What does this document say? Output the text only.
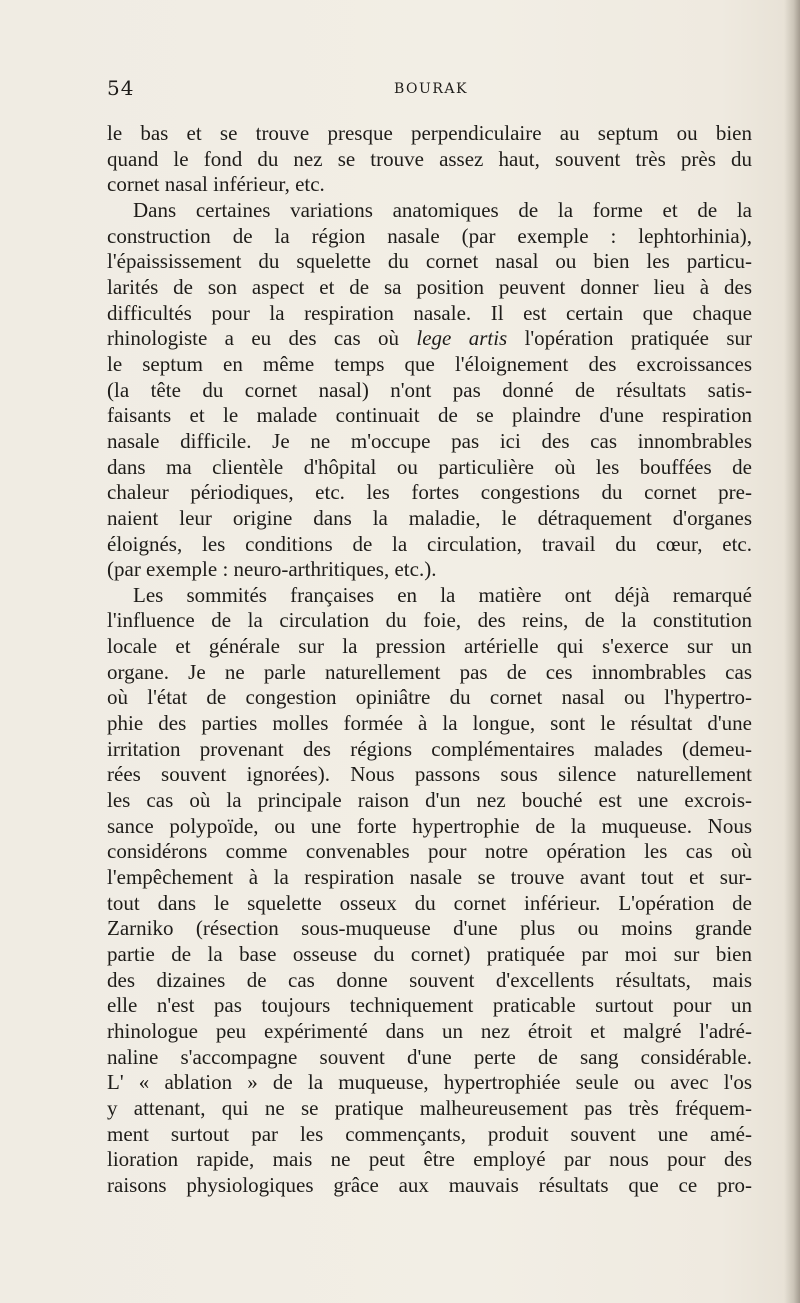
54	BOURAK

le bas et se trouve presque perpendiculaire au septum ou bien
quand le fond du nez se trouve assez haut, souvent très près du
cornet nasal inférieur, etc.

Dans certaines variations anatomiques de la forme et de la
construction de la région nasale (par exemple : lephtorhinia),
l'épaississement du squelette du cornet nasal ou bien les particu-
larités de son aspect et de sa position peuvent donner lieu à des
difficultés pour la respiration nasale. Il est certain que chaque
rhinologiste a eu des cas où lege artis l'opération pratiquée sur
le septum en même temps que l'éloignement des excroissances
(la tête du cornet nasal) n'ont pas donné de résultats satis-
faisants et le malade continuait de se plaindre d'une respiration
nasale difficile. Je ne m'occupe pas ici des cas innombrables
dans ma clientèle d'hôpital ou particulière où les bouffées de
chaleur périodiques, etc. les fortes congestions du cornet pre-
naient leur origine dans la maladie, le détraquement d'organes
éloignés, les conditions de la circulation, travail du cœur, etc.
(par exemple : neuro-arthritiques, etc.).

Les sommités françaises en la matière ont déjà remarqué
l'influence de la circulation du foie, des reins, de la constitution
locale et générale sur la pression artérielle qui s'exerce sur un
organe. Je ne parle naturellement pas de ces innombrables cas
où l'état de congestion opiniâtre du cornet nasal ou l'hypertro-
phie des parties molles formée à la longue, sont le résultat d'une
irritation provenant des régions complémentaires malades (demeu-
rées souvent ignorées). Nous passons sous silence naturellement
les cas où la principale raison d'un nez bouché est une excrois-
sance polypoïde, ou une forte hypertrophie de la muqueuse. Nous
considérons comme convenables pour notre opération les cas où
l'empêchement à la respiration nasale se trouve avant tout et sur-
tout dans le squelette osseux du cornet inférieur. L'opération de
Zarniko (résection sous-muqueuse d'une plus ou moins grande
partie de la base osseuse du cornet) pratiquée par moi sur bien
des dizaines de cas donne souvent d'excellents résultats, mais
elle n'est pas toujours techniquement praticable surtout pour un
rhinologue peu expérimenté dans un nez étroit et malgré l'adré-
naline s'accompagne souvent d'une perte de sang considérable.
L' « ablation » de la muqueuse, hypertrophiée seule ou avec l'os
y attenant, qui ne se pratique malheureusement pas très fréquem-
ment surtout par les commençants, produit souvent une amé-
lioration rapide, mais ne peut être employé par nous pour des
raisons physiologiques grâce aux mauvais résultats que ce pro-
